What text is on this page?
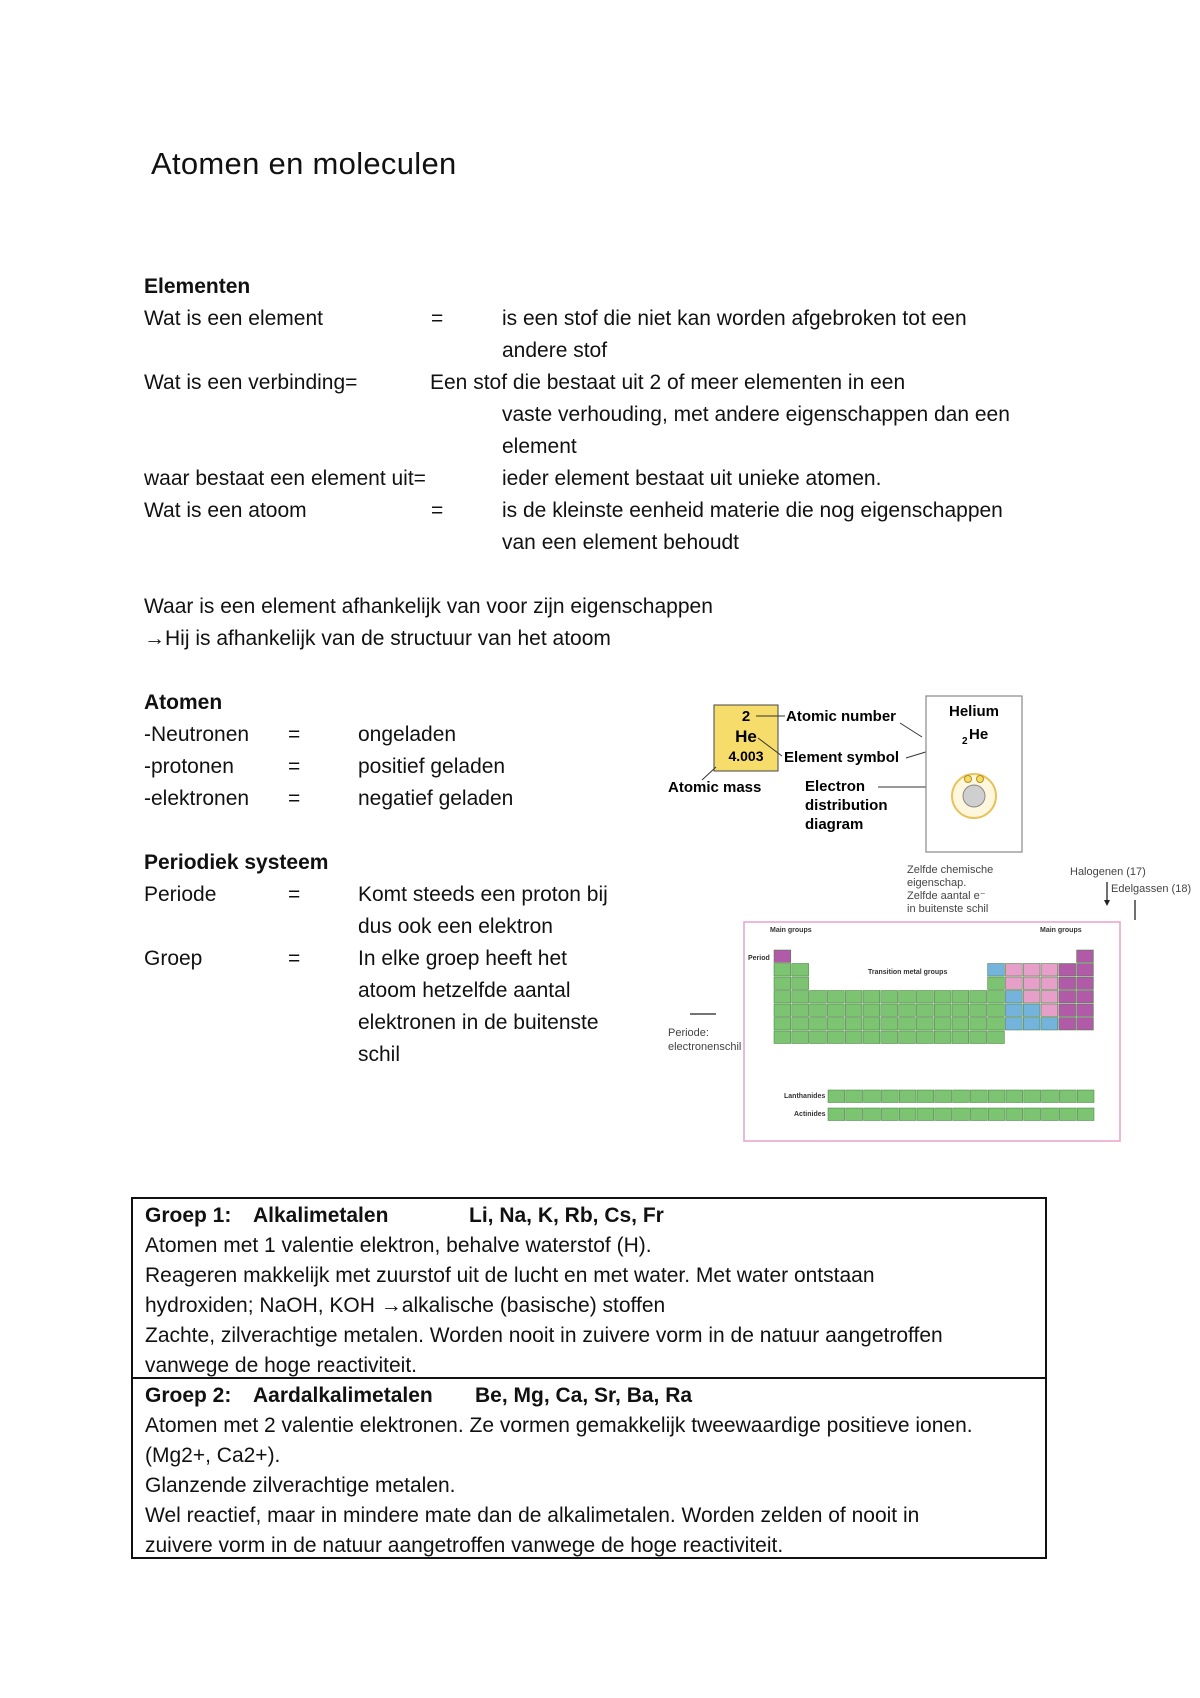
Atomen en moleculen
Elementen
Wat is een element	=	is een stof die niet kan worden afgebroken tot een
andere stof
Wat is een verbinding=	Een stof die bestaat uit 2 of meer elementen in een
vaste verhouding, met andere eigenschappen dan een
element
waar bestaat een element uit=	ieder element bestaat uit unieke atomen.
Wat is een atoom	=	is de kleinste eenheid materie die nog eigenschappen
van een element behoudt
Waar is een element afhankelijk van voor zijn eigenschappen
→Hij is afhankelijk van de structuur van het atoom
Atomen
-Neutronen =	ongeladen
-protonen	=	positief geladen
-elektronen =	negatief geladen
Periodiek systeem
Periode	=	Komt steeds een proton bij
dus ook een elektron
Groep	=	In elke groep heeft het
atoom hetzelfde aantal
elektronen in de buitenste
schil
2
He
4.003
Atomic number
Element symbol
Atomic mass	Electron
distribution
diagram
Helium
2 He
Zelfde chemische
eigenschap.
Zelfde aantal e⁻
in buitenste schil
Halogenen (17)
Edelgassen (18)
Periode:
electronenschil
Main groups	Main groups
Period
Transition metal groups
Lanthanides
Actinides
Groep 1: Alkalimetalen	Li, Na, K, Rb, Cs, Fr

Atomen met 1 valentie elektron, behalve waterstof (H).

Reageren makkelijk met zuurstof uit de lucht en met water. Met water ontstaan

hydroxiden; NaOH, KOH →alkalische (basische) stoffen

Zachte, zilverachtige metalen. Worden nooit in zuivere vorm in de natuur aangetroffen

vanwege de hoge reactiviteit.

Groep 2: Aardalkalimetalen Be, Mg, Ca, Sr, Ba, Ra

Atomen met 2 valentie elektronen. Ze vormen gemakkelijk tweewaardige positieve ionen.

(Mg2+, Ca2+).

Glanzende zilverachtige metalen.

Wel reactief, maar in mindere mate dan de alkalimetalen. Worden zelden of nooit in

zuivere vorm in de natuur aangetroffen vanwege de hoge reactiviteit.
